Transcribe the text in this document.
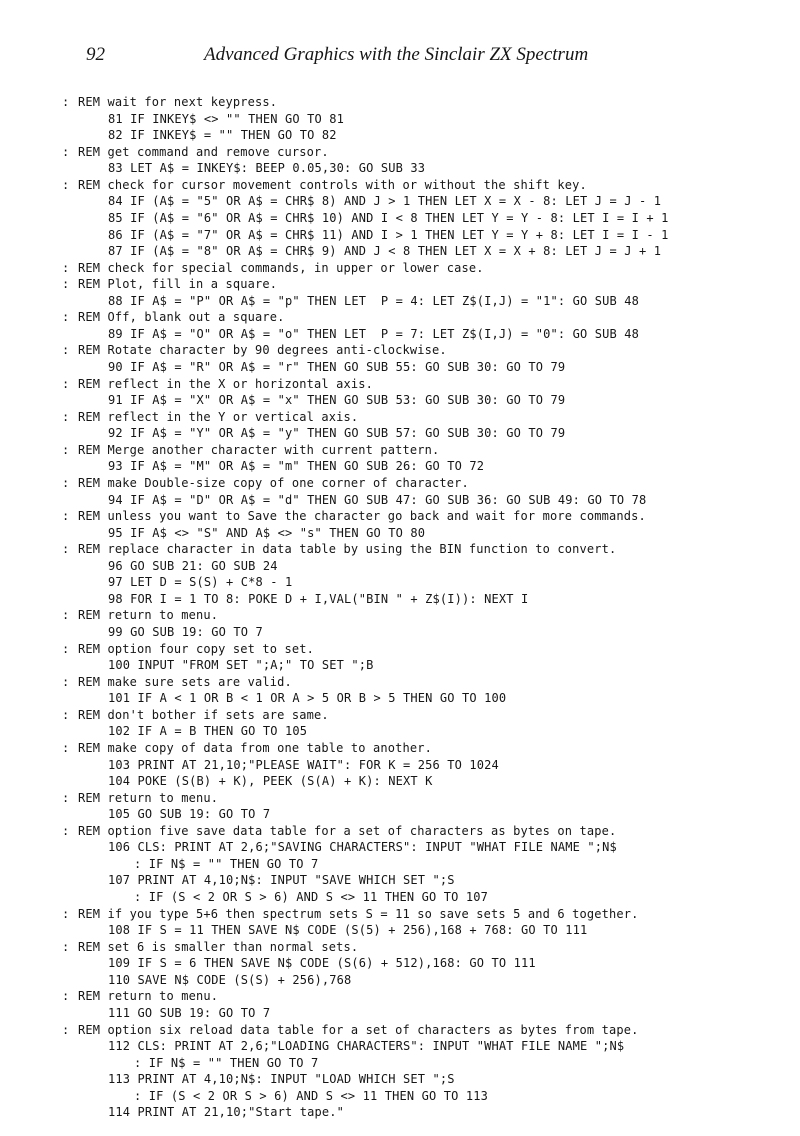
92	Advanced Graphics with the Sinclair ZX Spectrum
: REM wait for next keypress.
81 IF INKEY$ <> "" THEN GO TO 81
82 IF INKEY$ = "" THEN GO TO 82
: REM get command and remove cursor.
83 LET A$ = INKEY$: BEEP 0.05,30: GO SUB 33
: REM check for cursor movement controls with or without the shift key.
84 IF (A$ = "5" OR A$ = CHR$ 8) AND J > 1 THEN LET X = X - 8: LET J = J - 1
85 IF (A$ = "6" OR A$ = CHR$ 10) AND I < 8 THEN LET Y = Y - 8: LET I = I + 1
86 IF (A$ = "7" OR A$ = CHR$ 11) AND I > 1 THEN LET Y = Y + 8: LET I = I - 1
87 IF (A$ = "8" OR A$ = CHR$ 9) AND J < 8 THEN LET X = X + 8: LET J = J + 1
: REM check for special commands, in upper or lower case.
: REM Plot, fill in a square.
88 IF A$ = "P" OR A$ = "p" THEN LET  P = 4: LET Z$(I,J) = "1": GO SUB 48
: REM Off, blank out a square.
89 IF A$ = "O" OR A$ = "o" THEN LET  P = 7: LET Z$(I,J) = "0": GO SUB 48
: REM Rotate character by 90 degrees anti-clockwise.
90 IF A$ = "R" OR A$ = "r" THEN GO SUB 55: GO SUB 30: GO TO 79
: REM reflect in the X or horizontal axis.
91 IF A$ = "X" OR A$ = "x" THEN GO SUB 53: GO SUB 30: GO TO 79
: REM reflect in the Y or vertical axis.
92 IF A$ = "Y" OR A$ = "y" THEN GO SUB 57: GO SUB 30: GO TO 79
: REM Merge another character with current pattern.
93 IF A$ = "M" OR A$ = "m" THEN GO SUB 26: GO TO 72
: REM make Double-size copy of one corner of character.
94 IF A$ = "D" OR A$ = "d" THEN GO SUB 47: GO SUB 36: GO SUB 49: GO TO 78
: REM unless you want to Save the character go back and wait for more commands.
95 IF A$ <> "S" AND A$ <> "s" THEN GO TO 80
: REM replace character in data table by using the BIN function to convert.
96 GO SUB 21: GO SUB 24
97 LET D = S(S) + C*8 - 1
98 FOR I = 1 TO 8: POKE D + I,VAL("BIN " + Z$(I)): NEXT I
: REM return to menu.
99 GO SUB 19: GO TO 7
: REM option four copy set to set.
100 INPUT "FROM SET ";A;" TO SET ";B
: REM make sure sets are valid.
101 IF A < 1 OR B < 1 OR A > 5 OR B > 5 THEN GO TO 100
: REM don't bother if sets are same.
102 IF A = B THEN GO TO 105
: REM make copy of data from one table to another.
103 PRINT AT 21,10;"PLEASE WAIT": FOR K = 256 TO 1024
104 POKE (S(B) + K), PEEK (S(A) + K): NEXT K
: REM return to menu.
105 GO SUB 19: GO TO 7
: REM option five save data table for a set of characters as bytes on tape.
106 CLS: PRINT AT 2,6;"SAVING CHARACTERS": INPUT "WHAT FILE NAME ";N$
: IF N$ = "" THEN GO TO 7
107 PRINT AT 4,10;N$: INPUT "SAVE WHICH SET ";S
: IF (S < 2 OR S > 6) AND S <> 11 THEN GO TO 107
: REM if you type 5+6 then spectrum sets S = 11 so save sets 5 and 6 together.
108 IF S = 11 THEN SAVE N$ CODE (S(5) + 256),168 + 768: GO TO 111
: REM set 6 is smaller than normal sets.
109 IF S = 6 THEN SAVE N$ CODE (S(6) + 512),168: GO TO 111
110 SAVE N$ CODE (S(S) + 256),768
: REM return to menu.
111 GO SUB 19: GO TO 7
: REM option six reload data table for a set of characters as bytes from tape.
112 CLS: PRINT AT 2,6;"LOADING CHARACTERS": INPUT "WHAT FILE NAME ";N$
: IF N$ = "" THEN GO TO 7
113 PRINT AT 4,10;N$: INPUT "LOAD WHICH SET ";S
: IF (S < 2 OR S > 6) AND S <> 11 THEN GO TO 113
114 PRINT AT 21,10;"Start tape."
